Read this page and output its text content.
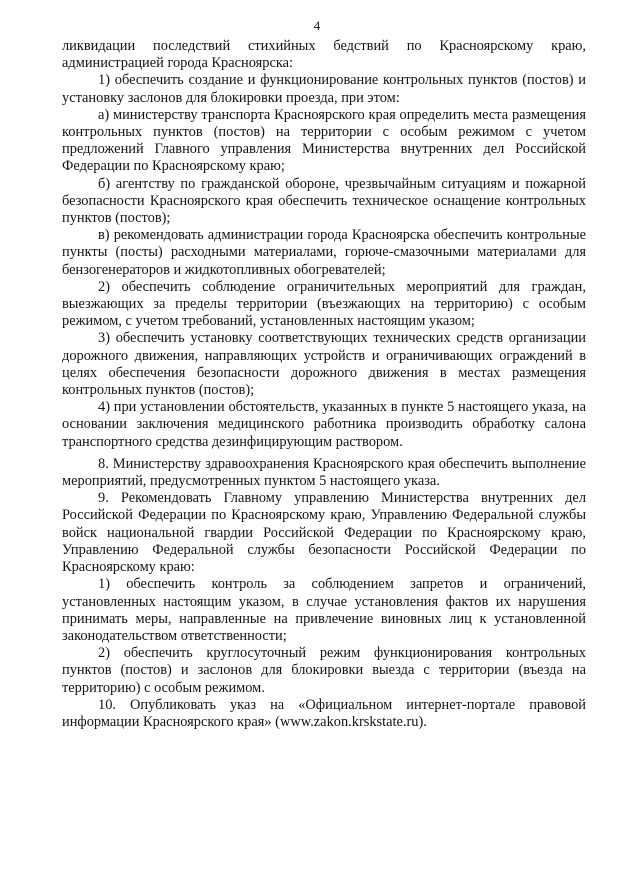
4

ликвидации последствий стихийных бедствий по Красноярскому краю, администрацией города Красноярска:

1) обеспечить создание и функционирование контрольных пунктов (постов) и установку заслонов для блокировки проезда, при этом:

а) министерству транспорта Красноярского края определить места размещения контрольных пунктов (постов) на территории с особым режимом с учетом предложений Главного управления Министерства внутренних дел Российской Федерации по Красноярскому краю;

б) агентству по гражданской обороне, чрезвычайным ситуациям и пожарной безопасности Красноярского края обеспечить техническое оснащение контрольных пунктов (постов);

в) рекомендовать администрации города Красноярска обеспечить контрольные пункты (посты) расходными материалами, горюче-смазочными материалами для бензогенераторов и жидкотопливных обогревателей;

2) обеспечить соблюдение ограничительных мероприятий для граждан, выезжающих за пределы территории (въезжающих на территорию) с особым режимом, с учетом требований, установленных настоящим указом;

3) обеспечить установку соответствующих технических средств организации дорожного движения, направляющих устройств и ограничивающих ограждений в целях обеспечения безопасности дорожного движения в местах размещения контрольных пунктов (постов);

4) при установлении обстоятельств, указанных в пункте 5 настоящего указа, на основании заключения медицинского работника производить обработку салона транспортного средства дезинфицирующим раствором.

8. Министерству здравоохранения Красноярского края обеспечить выполнение мероприятий, предусмотренных пунктом 5 настоящего указа.

9. Рекомендовать Главному управлению Министерства внутренних дел Российской Федерации по Красноярскому краю, Управлению Федеральной службы войск национальной гвардии Российской Федерации по Красноярскому краю, Управлению Федеральной службы безопасности Российской Федерации по Красноярскому краю:

1) обеспечить контроль за соблюдением запретов и ограничений, установленных настоящим указом, в случае установления фактов их нарушения принимать меры, направленные на привлечение виновных лиц к установленной законодательством ответственности;

2) обеспечить круглосуточный режим функционирования контрольных пунктов (постов) и заслонов для блокировки выезда с территории (въезда на территорию) с особым режимом.

10. Опубликовать указ на «Официальном интернет-портале правовой информации Красноярского края» (www.zakon.krskstate.ru).
